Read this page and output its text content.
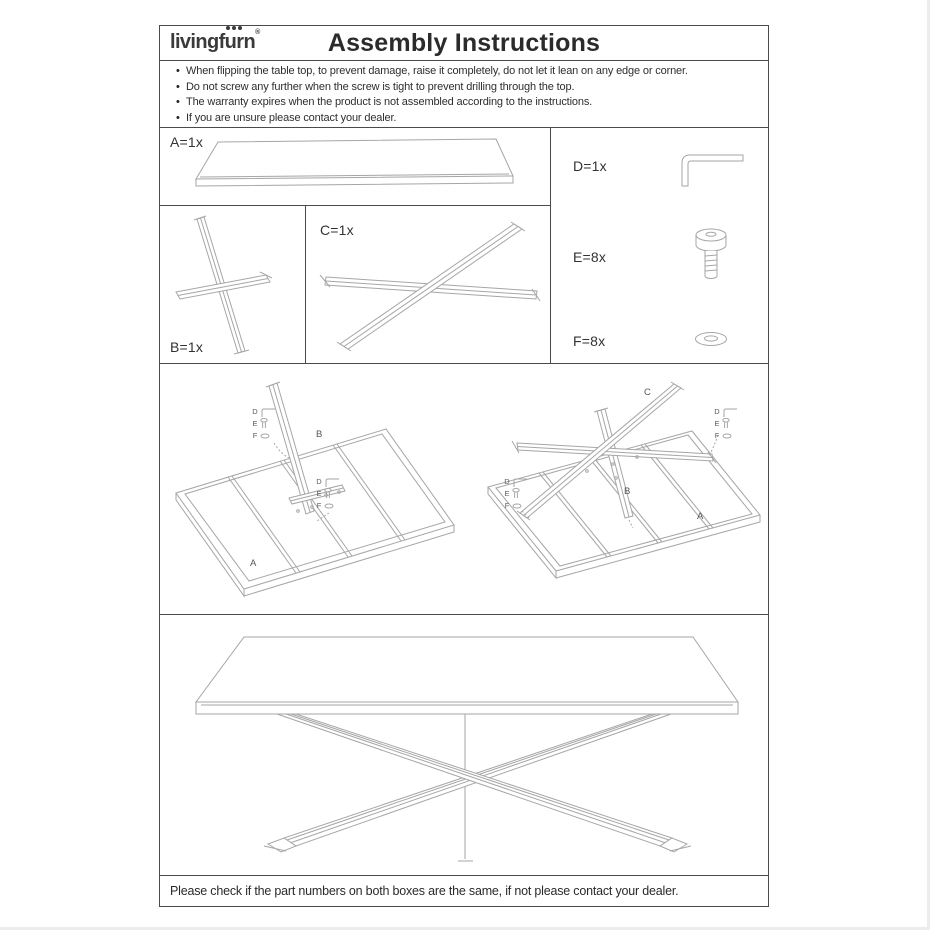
livingfurn®	Assembly Instructions
• When flipping the table top, to prevent damage, raise it completely, do not let it lean on any edge or corner.
• Do not screw any further when the screw is tight to prevent drilling through the top.
• The warranty expires when the product is not assembled according to the instructions.
• If you are unsure please contact your dealer.
A=1x
B=1x
C=1x
D=1x
E=8x
F=8x
D
E
F	B
D
E
F
A
C
D
E
F
D
E
F
B
A
Please check if the part numbers on both boxes are the same, if not please contact your dealer.
